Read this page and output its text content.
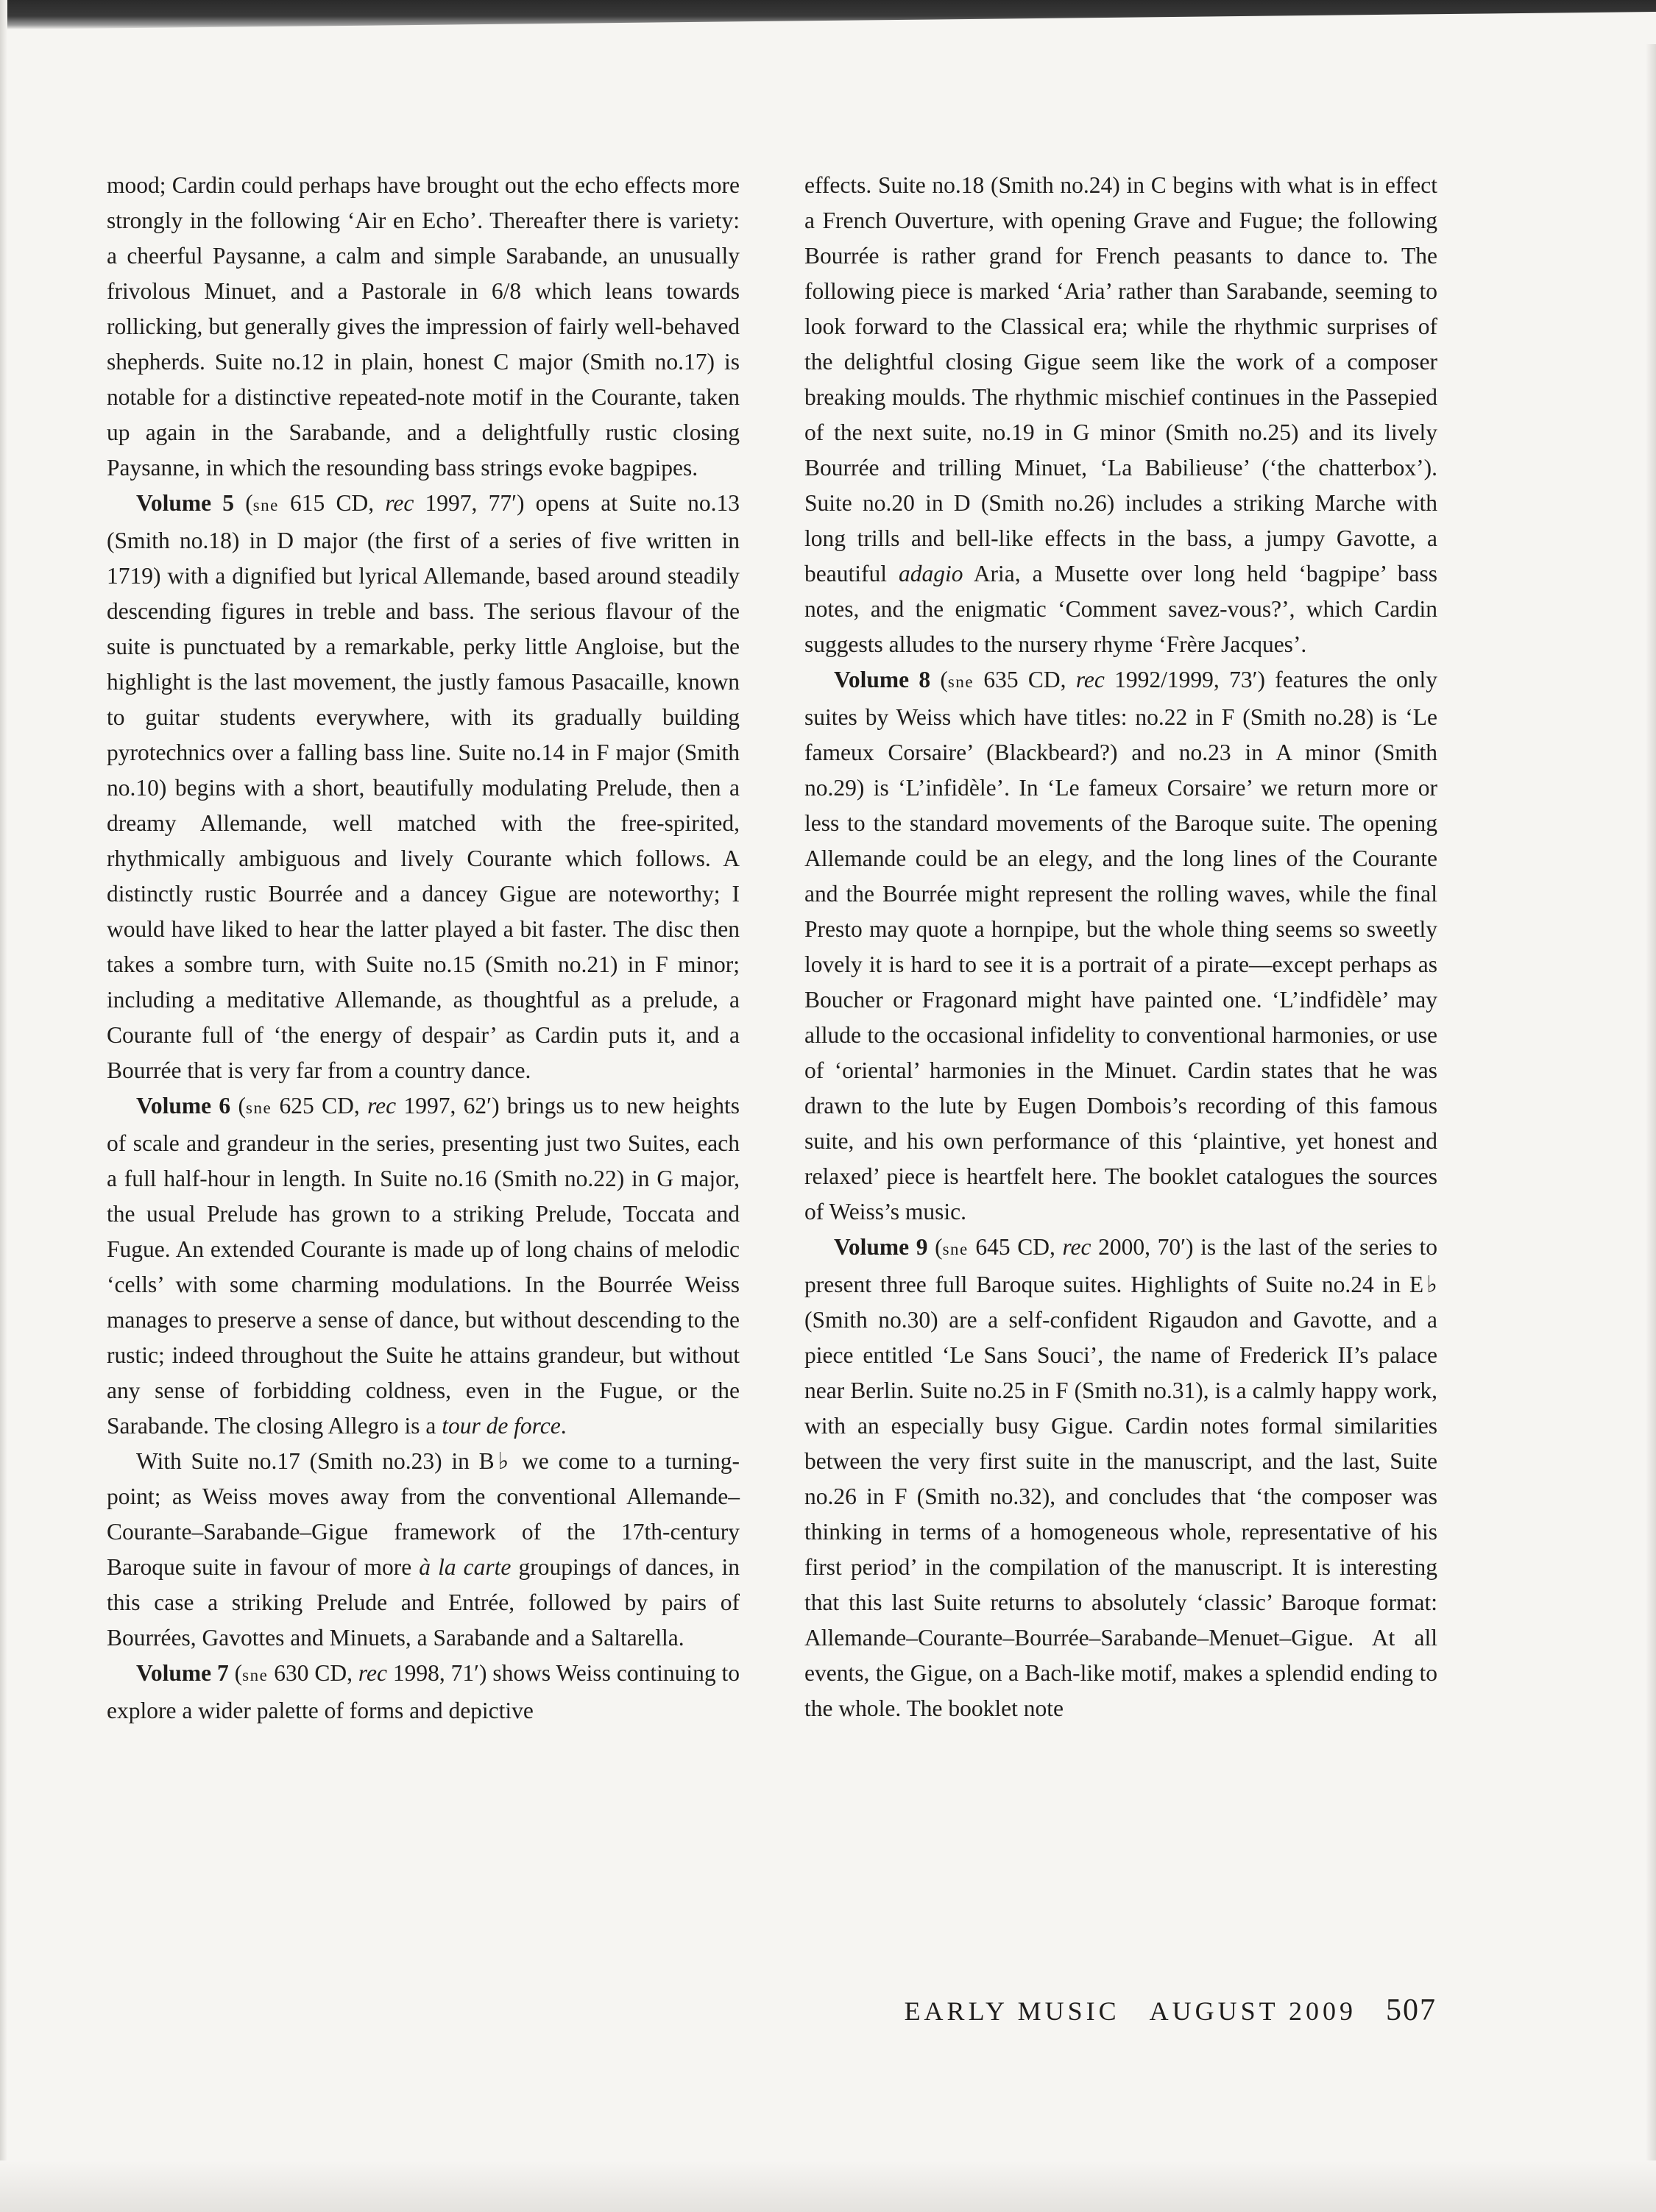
mood; Cardin could perhaps have brought out the echo effects more strongly in the following ‘Air en Echo’. Thereafter there is variety: a cheerful Paysanne, a calm and simple Sarabande, an unusually frivolous Minuet, and a Pastorale in 6/8 which leans towards rollicking, but generally gives the impression of fairly well-behaved shepherds. Suite no.12 in plain, honest C major (Smith no.17) is notable for a distinctive repeated-note motif in the Courante, taken up again in the Sarabande, and a delightfully rustic closing Paysanne, in which the resounding bass strings evoke bagpipes.

Volume 5 (sne 615 CD, rec 1997, 77′) opens at Suite no.13 (Smith no.18) in D major (the first of a series of five written in 1719) with a dignified but lyrical Allemande, based around steadily descending figures in treble and bass. The serious flavour of the suite is punctuated by a remarkable, perky little Angloise, but the highlight is the last movement, the justly famous Pasacaille, known to guitar students everywhere, with its gradually building pyrotechnics over a falling bass line. Suite no.14 in F major (Smith no.10) begins with a short, beautifully modulating Prelude, then a dreamy Allemande, well matched with the free-spirited, rhythmically ambiguous and lively Courante which follows. A distinctly rustic Bourrée and a dancey Gigue are noteworthy; I would have liked to hear the latter played a bit faster. The disc then takes a sombre turn, with Suite no.15 (Smith no.21) in F minor; including a meditative Allemande, as thoughtful as a prelude, a Courante full of ‘the energy of despair’ as Cardin puts it, and a Bourrée that is very far from a country dance.

Volume 6 (sne 625 CD, rec 1997, 62′) brings us to new heights of scale and grandeur in the series, presenting just two Suites, each a full half-hour in length. In Suite no.16 (Smith no.22) in G major, the usual Prelude has grown to a striking Prelude, Toccata and Fugue. An extended Courante is made up of long chains of melodic ‘cells’ with some charming modulations. In the Bourrée Weiss manages to preserve a sense of dance, but without descending to the rustic; indeed throughout the Suite he attains grandeur, but without any sense of forbidding coldness, even in the Fugue, or the Sarabande. The closing Allegro is a tour de force.

With Suite no.17 (Smith no.23) in B♭ we come to a turning-point; as Weiss moves away from the conventional Allemande–Courante–Sarabande–Gigue framework of the 17th-century Baroque suite in favour of more à la carte groupings of dances, in this case a striking Prelude and Entrée, followed by pairs of Bourrées, Gavottes and Minuets, a Sarabande and a Saltarella.

Volume 7 (sne 630 CD, rec 1998, 71′) shows Weiss continuing to explore a wider palette of forms and depictive

effects. Suite no.18 (Smith no.24) in C begins with what is in effect a French Ouverture, with opening Grave and Fugue; the following Bourrée is rather grand for French peasants to dance to. The following piece is marked ‘Aria’ rather than Sarabande, seeming to look forward to the Classical era; while the rhythmic surprises of the delightful closing Gigue seem like the work of a composer breaking moulds. The rhythmic mischief continues in the Passepied of the next suite, no.19 in G minor (Smith no.25) and its lively Bourrée and trilling Minuet, ‘La Babilieuse’ (‘the chatterbox’). Suite no.20 in D (Smith no.26) includes a striking Marche with long trills and bell-like effects in the bass, a jumpy Gavotte, a beautiful adagio Aria, a Musette over long held ‘bagpipe’ bass notes, and the enigmatic ‘Comment savez-vous?’, which Cardin suggests alludes to the nursery rhyme ‘Frère Jacques’.

Volume 8 (sne 635 CD, rec 1992/1999, 73′) features the only suites by Weiss which have titles: no.22 in F (Smith no.28) is ‘Le fameux Corsaire’ (Blackbeard?) and no.23 in A minor (Smith no.29) is ‘L’infidèle’. In ‘Le fameux Corsaire’ we return more or less to the standard movements of the Baroque suite. The opening Allemande could be an elegy, and the long lines of the Courante and the Bourrée might represent the rolling waves, while the final Presto may quote a hornpipe, but the whole thing seems so sweetly lovely it is hard to see it is a portrait of a pirate—except perhaps as Boucher or Fragonard might have painted one. ‘L’indfidèle’ may allude to the occasional infidelity to conventional harmonies, or use of ‘oriental’ harmonies in the Minuet. Cardin states that he was drawn to the lute by Eugen Dombois’s recording of this famous suite, and his own performance of this ‘plaintive, yet honest and relaxed’ piece is heartfelt here. The booklet catalogues the sources of Weiss’s music.

Volume 9 (sne 645 CD, rec 2000, 70′) is the last of the series to present three full Baroque suites. Highlights of Suite no.24 in E♭ (Smith no.30) are a self-confident Rigaudon and Gavotte, and a piece entitled ‘Le Sans Souci’, the name of Frederick II’s palace near Berlin. Suite no.25 in F (Smith no.31), is a calmly happy work, with an especially busy Gigue. Cardin notes formal similarities between the very first suite in the manuscript, and the last, Suite no.26 in F (Smith no.32), and concludes that ‘the composer was thinking in terms of a homogeneous whole, representative of his first period’ in the compilation of the manuscript. It is interesting that this last Suite returns to absolutely ‘classic’ Baroque format: Allemande–Courante–Bourrée–Sarabande–Menuet–Gigue. At all events, the Gigue, on a Bach-like motif, makes a splendid ending to the whole. The booklet note

EARLY MUSIC AUGUST 2009 507
